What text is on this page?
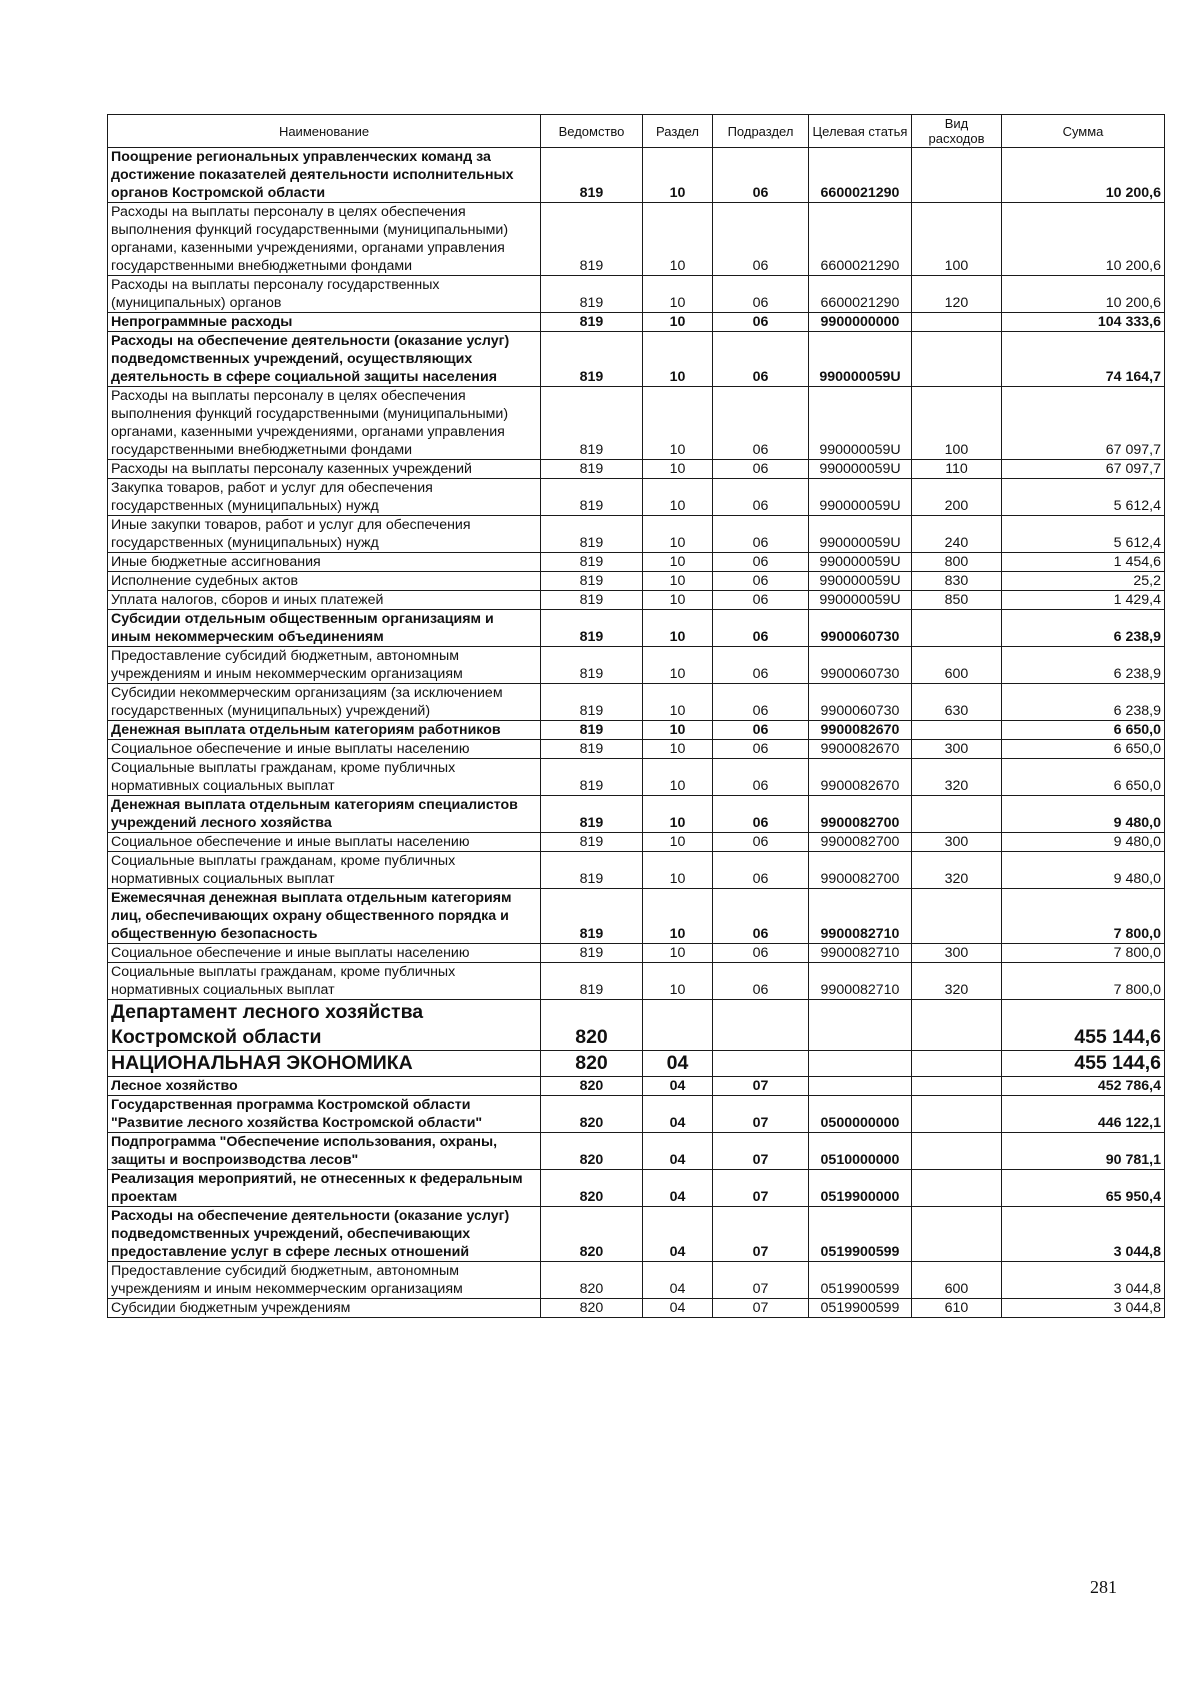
Наименование	Ведомство	Раздел	Подраздел	Целевая статья	Вид расходов	Сумма
Поощрение региональных управленческих команд за достижение показателей деятельности исполнительных органов Костромской области	819	10	06	6600021290		10 200,6
Расходы на выплаты персоналу в целях обеспечения выполнения функций государственными (муниципальными) органами, казенными учреждениями, органами управления государственными внебюджетными фондами	819	10	06	6600021290	100	10 200,6
Расходы на выплаты персоналу государственных (муниципальных) органов	819	10	06	6600021290	120	10 200,6
Непрограммные расходы	819	10	06	9900000000		104 333,6
Расходы на обеспечение деятельности (оказание услуг) подведомственных учреждений, осуществляющих деятельность в сфере социальной защиты населения	819	10	06	990000059U		74 164,7
Расходы на выплаты персоналу в целях обеспечения выполнения функций государственными (муниципальными) органами, казенными учреждениями, органами управления государственными внебюджетными фондами	819	10	06	990000059U	100	67 097,7
Расходы на выплаты персоналу казенных учреждений	819	10	06	990000059U	110	67 097,7
Закупка товаров, работ и услуг для обеспечения государственных (муниципальных) нужд	819	10	06	990000059U	200	5 612,4
Иные закупки товаров, работ и услуг для обеспечения государственных (муниципальных) нужд	819	10	06	990000059U	240	5 612,4
Иные бюджетные ассигнования	819	10	06	990000059U	800	1 454,6
Исполнение судебных актов	819	10	06	990000059U	830	25,2
Уплата налогов, сборов и иных платежей	819	10	06	990000059U	850	1 429,4
Субсидии отдельным общественным организациям и иным некоммерческим объединениям	819	10	06	9900060730		6 238,9
Предоставление субсидий бюджетным, автономным учреждениям и иным некоммерческим организациям	819	10	06	9900060730	600	6 238,9
Субсидии некоммерческим организациям (за исключением государственных (муниципальных) учреждений)	819	10	06	9900060730	630	6 238,9
Денежная выплата отдельным категориям работников	819	10	06	9900082670		6 650,0
Социальное обеспечение и иные выплаты населению	819	10	06	9900082670	300	6 650,0
Социальные выплаты гражданам, кроме публичных нормативных социальных выплат	819	10	06	9900082670	320	6 650,0
Денежная выплата отдельным категориям специалистов учреждений лесного хозяйства	819	10	06	9900082700		9 480,0
Социальное обеспечение и иные выплаты населению	819	10	06	9900082700	300	9 480,0
Социальные выплаты гражданам, кроме публичных нормативных социальных выплат	819	10	06	9900082700	320	9 480,0
Ежемесячная денежная выплата отдельным категориям лиц, обеспечивающих охрану общественного порядка и общественную безопасность	819	10	06	9900082710		7 800,0
Социальное обеспечение и иные выплаты населению	819	10	06	9900082710	300	7 800,0
Социальные выплаты гражданам, кроме публичных нормативных социальных выплат	819	10	06	9900082710	320	7 800,0
Департамент лесного хозяйства Костромской области	820					455 144,6
НАЦИОНАЛЬНАЯ ЭКОНОМИКА	820	04				455 144,6
Лесное хозяйство	820	04	07			452 786,4
Государственная программа Костромской области "Развитие лесного хозяйства Костромской области"	820	04	07	0500000000		446 122,1
Подпрограмма "Обеспечение использования, охраны, защиты и воспроизводства лесов"	820	04	07	0510000000		90 781,1
Реализация мероприятий, не отнесенных к федеральным проектам	820	04	07	0519900000		65 950,4
Расходы на обеспечение деятельности (оказание услуг) подведомственных учреждений, обеспечивающих предоставление услуг в сфере лесных отношений	820	04	07	0519900599		3 044,8
Предоставление субсидий бюджетным, автономным учреждениям и иным некоммерческим организациям	820	04	07	0519900599	600	3 044,8
Субсидии бюджетным учреждениям	820	04	07	0519900599	610	3 044,8
281
